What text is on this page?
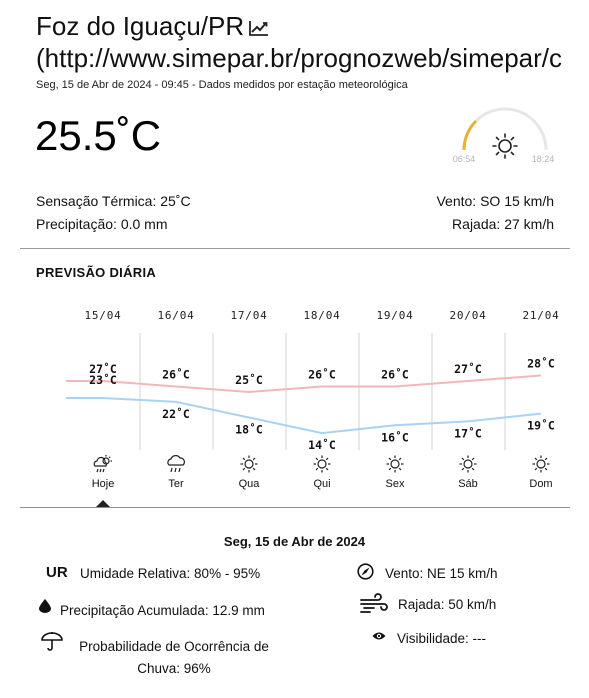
Foz do Iguaçu/PR
(http://www.simepar.br/prognozweb/simepar/c
Seg, 15 de Abr de 2024 - 09:45 - Dados medidos por estação meteorológica
25.5˚C	06:54	18:24
Sensação Térmica: 25˚C
Precipitação: 0.0 mm
Vento: SO 15 km/h
Rajada: 27 km/h
PREVISÃO DIÁRIA
15/04
27˚C
23˚C
Hoje
16/04
26˚C
22˚C
Ter
17/04
25˚C
18˚C
Qua
18/04
26˚C
14˚C
Qui
19/04
26˚C
16˚C
Sex
20/04
27˚C
17˚C
Sáb
21/04
28˚C
19˚C
Dom
Seg, 15 de Abr de 2024
UR Umidade Relativa: 80% - 95%
Precipitação Acumulada: 12.9 mm
Probabilidade de Ocorrência de
Chuva: 96%
Vento: NE 15 km/h
Rajada: 50 km/h
Visibilidade: ---
